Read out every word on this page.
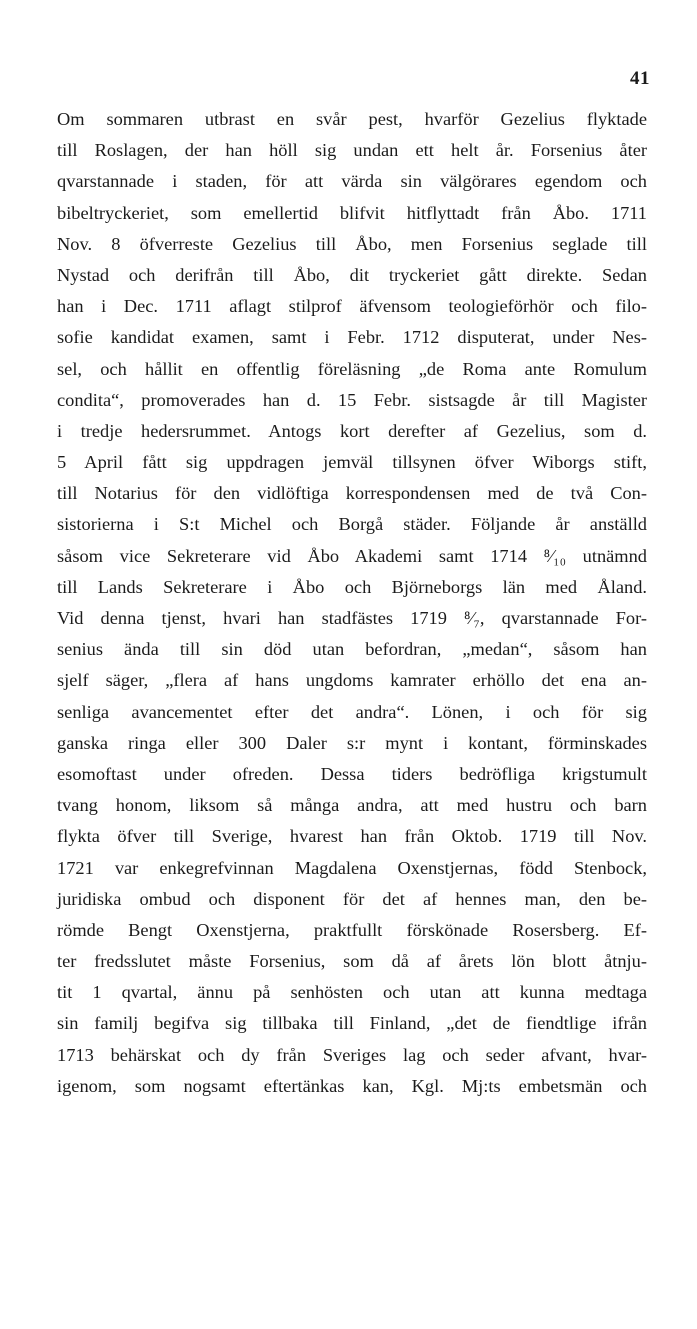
41
Om sommaren utbrast en svår pest, hvarför Gezelius flyktade
till Roslagen, der han höll sig undan ett helt år. Forsenius åter
qvarstannade i staden, för att värda sin välgörares egendom och
bibeltryckeriet, som emellertid blifvit hitflyttadt från Åbo. 1711
Nov. 8 öfverreste Gezelius till Åbo, men Forsenius seglade till
Nystad och derifrån till Åbo, dit tryckeriet gått direkte. Sedan
han i Dec. 1711 aflagt stilprof äfvensom teologieförhör och filo-
sofie kandidat examen, samt i Febr. 1712 disputerat, under Nes-
sel, och hållit en offentlig föreläsning „de Roma ante Romulum
condita“, promoverades han d. 15 Febr. sistsagde år till Magister
i tredje hedersrummet. Antogs kort derefter af Gezelius, som d.
5 April fått sig uppdragen jemväl tillsynen öfver Wiborgs stift,
till Notarius för den vidlöftiga korrespondensen med de två Con-
sistorierna i S:t Michel och Borgå städer. Följande år anställd
såsom vice Sekreterare vid Åbo Akademi samt 1714 ⁸⁄₁₀ utnämnd
till Lands Sekreterare i Åbo och Björneborgs län med Åland.
Vid denna tjenst, hvari han stadfästes 1719 ⁸⁄₇, qvarstannade For-
senius ända till sin död utan befordran, „medan“, såsom han
sjelf säger, „flera af hans ungdoms kamrater erhöllo det ena an-
senliga avancementet efter det andra“. Lönen, i och för sig
ganska ringa eller 300 Daler s:r mynt i kontant, förminskades
esomoftast under ofreden. Dessa tiders bedröfliga krigstumult
tvang honom, liksom så många andra, att med hustru och barn
flykta öfver till Sverige, hvarest han från Oktob. 1719 till Nov.
1721 var enkegrefvinnan Magdalena Oxenstjernas, född Stenbock,
juridiska ombud och disponent för det af hennes man, den be-
römde Bengt Oxenstjerna, praktfullt förskönade Rosersberg. Ef-
ter fredsslutet måste Forsenius, som då af årets lön blott åtnju-
tit 1 qvartal, ännu på senhösten och utan att kunna medtaga
sin familj begifva sig tillbaka till Finland, „det de fiendtlige ifrån
1713 behärskat och dy från Sveriges lag och seder afvant, hvar-
igenom, som nogsamt eftertänkas kan, Kgl. Mj:ts embetsmän och
